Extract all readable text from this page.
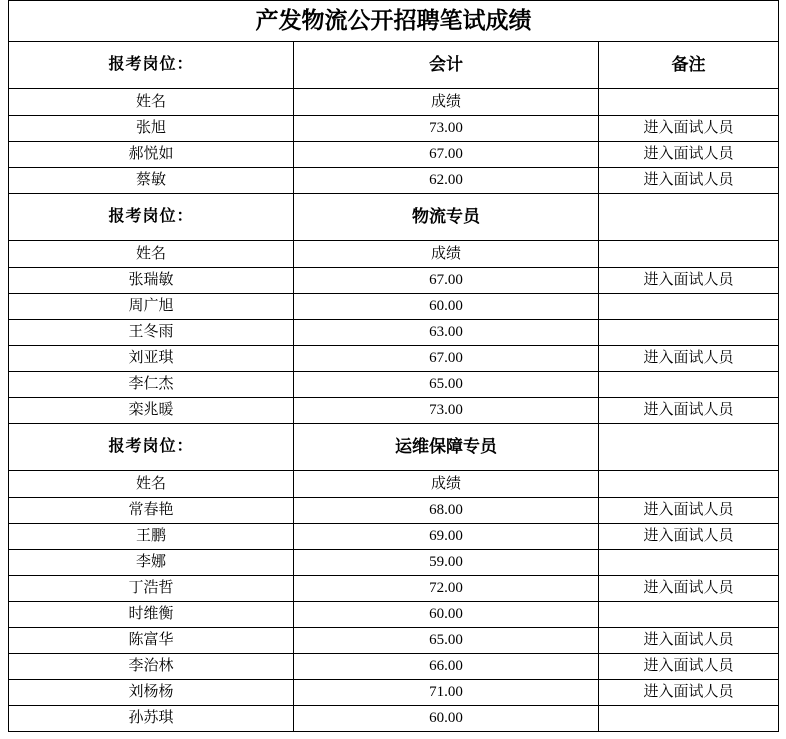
产发物流公开招聘笔试成绩		
报考岗位：	会计	备注
姓名	成绩	
张旭	73.00	进入面试人员
郝悦如	67.00	进入面试人员
蔡敏	62.00	进入面试人员
报考岗位：	物流专员	
姓名	成绩	
张瑞敏	67.00	进入面试人员
周广旭	60.00	
王冬雨	63.00	
刘亚琪	67.00	进入面试人员
李仁杰	65.00	
栾兆暖	73.00	进入面试人员
报考岗位：	运维保障专员	
姓名	成绩	
常春艳	68.00	进入面试人员
王鹏	69.00	进入面试人员
李娜	59.00	
丁浩哲	72.00	进入面试人员
时维衡	60.00	
陈富华	65.00	进入面试人员
李治林	66.00	进入面试人员
刘杨杨	71.00	进入面试人员
孙苏琪	60.00	
